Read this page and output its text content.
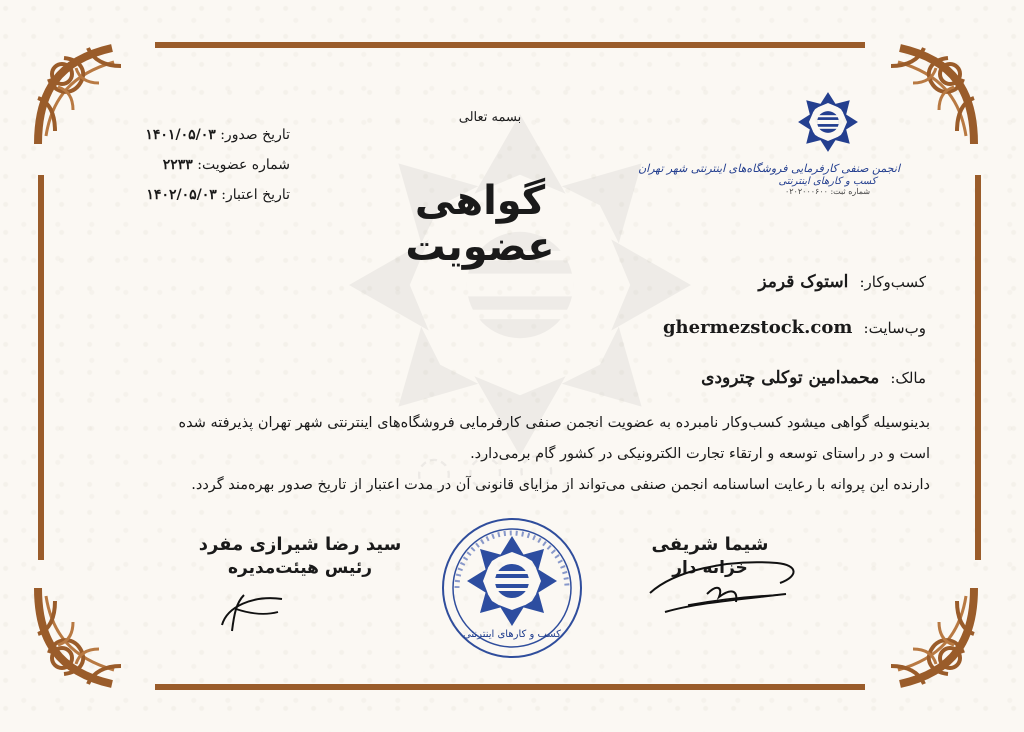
◌ ◌ ◌
انجمن صنفی کارفرمایی فروشگاه‌های اینترنتی شهر تهران
کسب و کارهای اینترنتی
شماره ثبت: ۰۲۰۲۰۰۰۶۰۰
بسمه تعالی
تاریخ صدور: ۱۴۰۱/۰۵/۰۳
شماره عضویت: ۲۲۳۳
تاریخ اعتبار: ۱۴۰۲/۰۵/۰۳	گواهی عضویت
کسب‌وکار: استوک قرمز
وب‌سایت: ghermezstock.com
مالک: محمدامین توکلی چترودی
بدینوسیله گواهی میشود کسب‌وکار نامبرده به عضویت انجمن صنفی کارفرمایی فروشگاه‌های اینترنتی شهر تهران پذیرفته شده
است و در راستای توسعه و ارتقاء تجارت الکترونیکی در کشور گام برمی‌دارد.
دارنده این پروانه با رعایت اساسنامه انجمن صنفی می‌تواند از مزایای قانونی آن در مدت اعتبار از تاریخ صدور بهره‌مند گردد.
کسب و کارهای اینترنتی
شیما شریفی
خزانه دار
سید رضا شیرازی مفرد
رئیس هیئت‌مدیره
